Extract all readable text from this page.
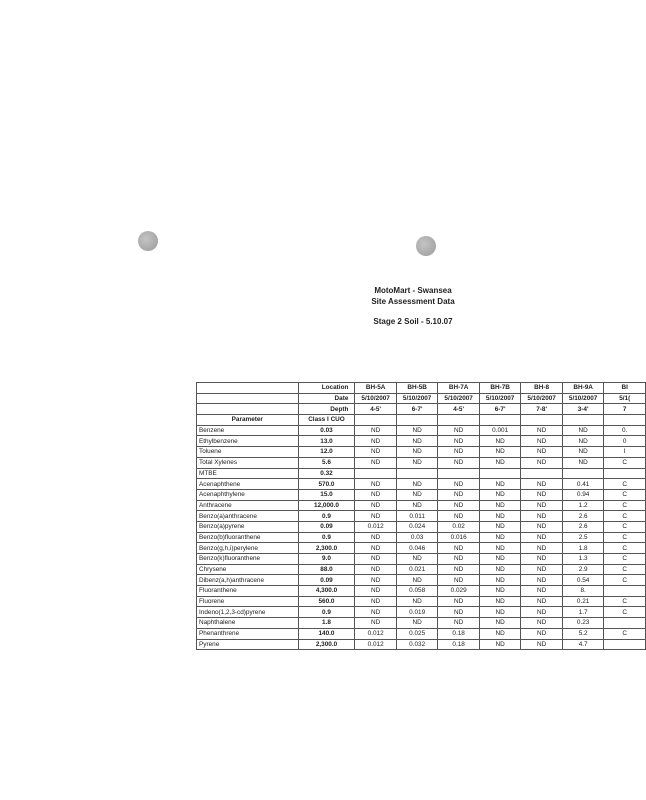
MotoMart - Swansea
Site Assessment Data
Stage 2 Soil - 5.10.07
	Location	BH-5A	BH-5B	BH-7A	BH-7B	BH-8	BH-9A	BI
	Date	5/10/2007	5/10/2007	5/10/2007	5/10/2007	5/10/2007	5/10/2007	5/1(
	Depth	4-5'	6-7'	4-5'	6-7'	7-8'	3-4'	7
Parameter	Class I CUO							
Benzene	0.03	ND	ND	ND	0.001	ND	ND	0.
Ethylbenzene	13.0	ND	ND	ND	ND	ND	ND	0
Toluene	12.0	ND	ND	ND	ND	ND	ND	I
Total Xylenes	5.6	ND	ND	ND	ND	ND	ND	C
MTBE	0.32							
Acenaphthene	570.0	ND	ND	ND	ND	ND	0.41	C
Acenaphthylene	15.0	ND	ND	ND	ND	ND	0.94	C
Anthracene	12,000.0	ND	ND	ND	ND	ND	1.2	C
Benzo(a)anthracene	0.9	ND	0.011	ND	ND	ND	2.6	C
Benzo(a)pyrene	0.09	0.012	0.024	0.02	ND	ND	2.6	C
Benzo(b)fluoranthene	0.9	ND	0.03	0.016	ND	ND	2.5	C
Benzo(g,h,i)perylene	2,300.0	ND	0.046	ND	ND	ND	1.8	C
Benzo(k)fluoranthene	9.0	ND	ND	ND	ND	ND	1.3	C
Chrysene	88.0	ND	0.021	ND	ND	ND	2.9	C
Dibenz(a,h)anthracene	0.09	ND	ND	ND	ND	ND	0.54	C
Fluoranthene	4,300.0	ND	0.058	0.029	ND	ND	8.	
Fluorene	560.0	ND	ND	ND	ND	ND	0.21	C
Indeno(1,2,3-cd)pyrene	0.9	ND	0.019	ND	ND	ND	1.7	C
Naphthalene	1.8	ND	ND	ND	ND	ND	0.23	
Phenanthrene	140.0	0.012	0.025	0.18	ND	ND	5.2	C
Pyrene	2,300.0	0.012	0.032	0.18	ND	ND	4.7	
